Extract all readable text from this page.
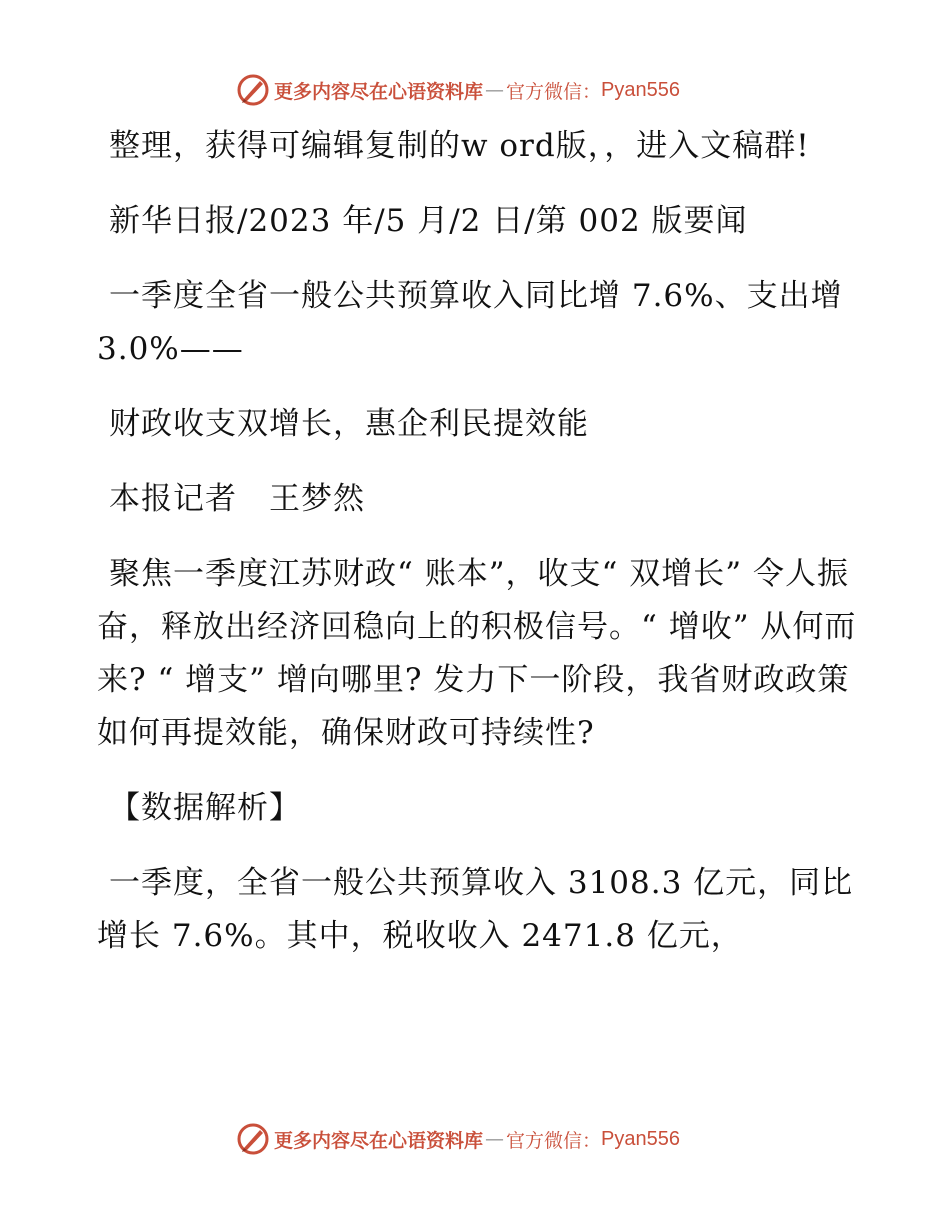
更多内容尽在心语资料库 — 官方微信： Pyan556

整理，获得可编辑复制的w ord版，，进入文稿群!

新华日报/2023 年/5 月/2 日/第 002 版要闻

一季度全省一般公共预算收入同比增 7.6%、支出增 3.0%——

财政收支双增长，惠企利民提效能

本报记者　王梦然

聚焦一季度江苏财政“ 账本”，收支“ 双增长” 令人振奋，释放出经济回稳向上的积极信号。“ 增收” 从何而来? “ 增支” 增向哪里? 发力下一阶段，我省财政政策如何再提效能，确保财政可持续性?

【数据解析】

一季度，全省一般公共预算收入 3108.3 亿元，同比增长 7.6%。其中，税收收入 2471.8 亿元，

更多内容尽在心语资料库 — 官方微信： Pyan556
